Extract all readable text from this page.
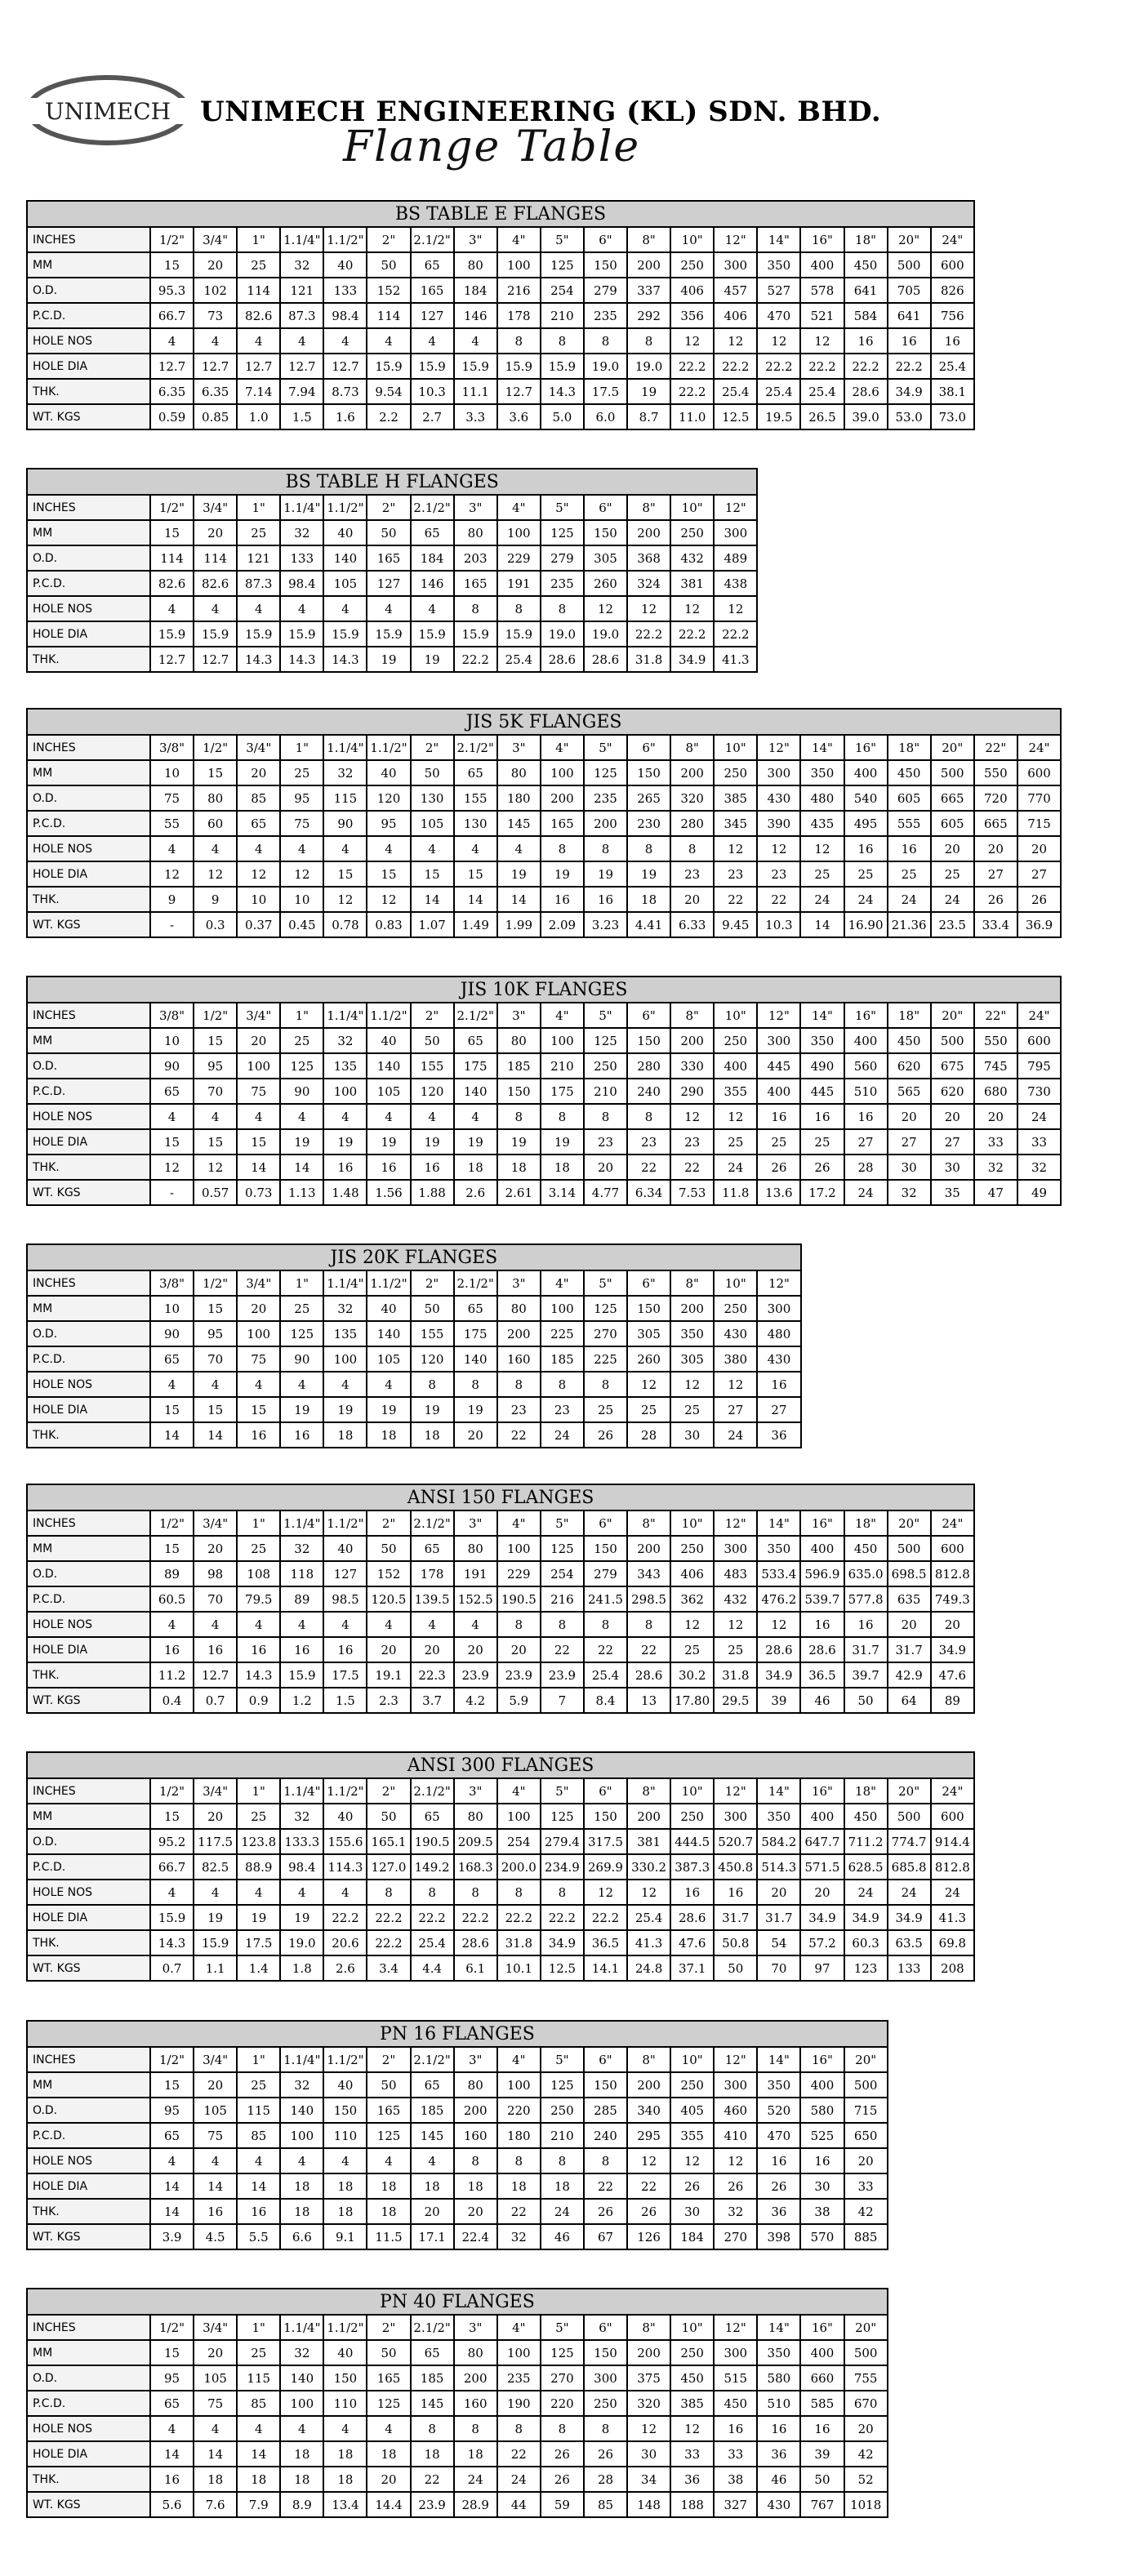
UNIMECH UNIMECH ENGINEERING (KL) SDN. BHD.
Flange Table
BS TABLE E FLANGES																			
INCHES	1/2"	3/4"	1"	1.1/4"	1.1/2"	2"	2.1/2"	3"	4"	5"	6"	8"	10"	12"	14"	16"	18"	20"	24"
MM	15	20	25	32	40	50	65	80	100	125	150	200	250	300	350	400	450	500	600
O.D.	95.3	102	114	121	133	152	165	184	216	254	279	337	406	457	527	578	641	705	826
P.C.D.	66.7	73	82.6	87.3	98.4	114	127	146	178	210	235	292	356	406	470	521	584	641	756
HOLE NOS	4	4	4	4	4	4	4	4	8	8	8	8	12	12	12	12	16	16	16
HOLE DIA	12.7	12.7	12.7	12.7	12.7	15.9	15.9	15.9	15.9	15.9	19.0	19.0	22.2	22.2	22.2	22.2	22.2	22.2	25.4
THK.	6.35	6.35	7.14	7.94	8.73	9.54	10.3	11.1	12.7	14.3	17.5	19	22.2	25.4	25.4	25.4	28.6	34.9	38.1
WT. KGS	0.59	0.85	1.0	1.5	1.6	2.2	2.7	3.3	3.6	5.0	6.0	8.7	11.0	12.5	19.5	26.5	39.0	53.0	73.0
BS TABLE H FLANGES														
INCHES	1/2"	3/4"	1"	1.1/4"	1.1/2"	2"	2.1/2"	3"	4"	5"	6"	8"	10"	12"
MM	15	20	25	32	40	50	65	80	100	125	150	200	250	300
O.D.	114	114	121	133	140	165	184	203	229	279	305	368	432	489
P.C.D.	82.6	82.6	87.3	98.4	105	127	146	165	191	235	260	324	381	438
HOLE NOS	4	4	4	4	4	4	4	8	8	8	12	12	12	12
HOLE DIA	15.9	15.9	15.9	15.9	15.9	15.9	15.9	15.9	15.9	19.0	19.0	22.2	22.2	22.2
THK.	12.7	12.7	14.3	14.3	14.3	19	19	22.2	25.4	28.6	28.6	31.8	34.9	41.3
JIS 5K FLANGES																					
INCHES	3/8"	1/2"	3/4"	1"	1.1/4"	1.1/2"	2"	2.1/2"	3"	4"	5"	6"	8"	10"	12"	14"	16"	18"	20"	22"	24"
MM	10	15	20	25	32	40	50	65	80	100	125	150	200	250	300	350	400	450	500	550	600
O.D.	75	80	85	95	115	120	130	155	180	200	235	265	320	385	430	480	540	605	665	720	770
P.C.D.	55	60	65	75	90	95	105	130	145	165	200	230	280	345	390	435	495	555	605	665	715
HOLE NOS	4	4	4	4	4	4	4	4	4	8	8	8	8	12	12	12	16	16	20	20	20
HOLE DIA	12	12	12	12	15	15	15	15	19	19	19	19	23	23	23	25	25	25	25	27	27
THK.	9	9	10	10	12	12	14	14	14	16	16	18	20	22	22	24	24	24	24	26	26
WT. KGS	-	0.3	0.37	0.45	0.78	0.83	1.07	1.49	1.99	2.09	3.23	4.41	6.33	9.45	10.3	14	16.90	21.36	23.5	33.4	36.9
JIS 10K FLANGES																					
INCHES	3/8"	1/2"	3/4"	1"	1.1/4"	1.1/2"	2"	2.1/2"	3"	4"	5"	6"	8"	10"	12"	14"	16"	18"	20"	22"	24"
MM	10	15	20	25	32	40	50	65	80	100	125	150	200	250	300	350	400	450	500	550	600
O.D.	90	95	100	125	135	140	155	175	185	210	250	280	330	400	445	490	560	620	675	745	795
P.C.D.	65	70	75	90	100	105	120	140	150	175	210	240	290	355	400	445	510	565	620	680	730
HOLE NOS	4	4	4	4	4	4	4	4	8	8	8	8	12	12	16	16	16	20	20	20	24
HOLE DIA	15	15	15	19	19	19	19	19	19	19	23	23	23	25	25	25	27	27	27	33	33
THK.	12	12	14	14	16	16	16	18	18	18	20	22	22	24	26	26	28	30	30	32	32
WT. KGS	-	0.57	0.73	1.13	1.48	1.56	1.88	2.6	2.61	3.14	4.77	6.34	7.53	11.8	13.6	17.2	24	32	35	47	49
JIS 20K FLANGES															
INCHES	3/8"	1/2"	3/4"	1"	1.1/4"	1.1/2"	2"	2.1/2"	3"	4"	5"	6"	8"	10"	12"
MM	10	15	20	25	32	40	50	65	80	100	125	150	200	250	300
O.D.	90	95	100	125	135	140	155	175	200	225	270	305	350	430	480
P.C.D.	65	70	75	90	100	105	120	140	160	185	225	260	305	380	430
HOLE NOS	4	4	4	4	4	4	8	8	8	8	8	12	12	12	16
HOLE DIA	15	15	15	19	19	19	19	19	23	23	25	25	25	27	27
THK.	14	14	16	16	18	18	18	20	22	24	26	28	30	24	36
ANSI 150 FLANGES																			
INCHES	1/2"	3/4"	1"	1.1/4"	1.1/2"	2"	2.1/2"	3"	4"	5"	6"	8"	10"	12"	14"	16"	18"	20"	24"
MM	15	20	25	32	40	50	65	80	100	125	150	200	250	300	350	400	450	500	600
O.D.	89	98	108	118	127	152	178	191	229	254	279	343	406	483	533.4	596.9	635.0	698.5	812.8
P.C.D.	60.5	70	79.5	89	98.5	120.5	139.5	152.5	190.5	216	241.5	298.5	362	432	476.2	539.7	577.8	635	749.3
HOLE NOS	4	4	4	4	4	4	4	4	8	8	8	8	12	12	12	16	16	20	20
HOLE DIA	16	16	16	16	16	20	20	20	20	22	22	22	25	25	28.6	28.6	31.7	31.7	34.9
THK.	11.2	12.7	14.3	15.9	17.5	19.1	22.3	23.9	23.9	23.9	25.4	28.6	30.2	31.8	34.9	36.5	39.7	42.9	47.6
WT. KGS	0.4	0.7	0.9	1.2	1.5	2.3	3.7	4.2	5.9	7	8.4	13	17.80	29.5	39	46	50	64	89
ANSI 300 FLANGES																			
INCHES	1/2"	3/4"	1"	1.1/4"	1.1/2"	2"	2.1/2"	3"	4"	5"	6"	8"	10"	12"	14"	16"	18"	20"	24"
MM	15	20	25	32	40	50	65	80	100	125	150	200	250	300	350	400	450	500	600
O.D.	95.2	117.5	123.8	133.3	155.6	165.1	190.5	209.5	254	279.4	317.5	381	444.5	520.7	584.2	647.7	711.2	774.7	914.4
P.C.D.	66.7	82.5	88.9	98.4	114.3	127.0	149.2	168.3	200.0	234.9	269.9	330.2	387.3	450.8	514.3	571.5	628.5	685.8	812.8
HOLE NOS	4	4	4	4	4	8	8	8	8	8	12	12	16	16	20	20	24	24	24
HOLE DIA	15.9	19	19	19	22.2	22.2	22.2	22.2	22.2	22.2	22.2	25.4	28.6	31.7	31.7	34.9	34.9	34.9	41.3
THK.	14.3	15.9	17.5	19.0	20.6	22.2	25.4	28.6	31.8	34.9	36.5	41.3	47.6	50.8	54	57.2	60.3	63.5	69.8
WT. KGS	0.7	1.1	1.4	1.8	2.6	3.4	4.4	6.1	10.1	12.5	14.1	24.8	37.1	50	70	97	123	133	208
PN 16 FLANGES																	
INCHES	1/2"	3/4"	1"	1.1/4"	1.1/2"	2"	2.1/2"	3"	4"	5"	6"	8"	10"	12"	14"	16"	20"
MM	15	20	25	32	40	50	65	80	100	125	150	200	250	300	350	400	500
O.D.	95	105	115	140	150	165	185	200	220	250	285	340	405	460	520	580	715
P.C.D.	65	75	85	100	110	125	145	160	180	210	240	295	355	410	470	525	650
HOLE NOS	4	4	4	4	4	4	4	8	8	8	8	12	12	12	16	16	20
HOLE DIA	14	14	14	18	18	18	18	18	18	18	22	22	26	26	26	30	33
THK.	14	16	16	18	18	18	20	20	22	24	26	26	30	32	36	38	42
WT. KGS	3.9	4.5	5.5	6.6	9.1	11.5	17.1	22.4	32	46	67	126	184	270	398	570	885
PN 40 FLANGES																	
INCHES	1/2"	3/4"	1"	1.1/4"	1.1/2"	2"	2.1/2"	3"	4"	5"	6"	8"	10"	12"	14"	16"	20"
MM	15	20	25	32	40	50	65	80	100	125	150	200	250	300	350	400	500
O.D.	95	105	115	140	150	165	185	200	235	270	300	375	450	515	580	660	755
P.C.D.	65	75	85	100	110	125	145	160	190	220	250	320	385	450	510	585	670
HOLE NOS	4	4	4	4	4	4	8	8	8	8	8	12	12	16	16	16	20
HOLE DIA	14	14	14	18	18	18	18	18	22	26	26	30	33	33	36	39	42
THK.	16	18	18	18	18	20	22	24	24	26	28	34	36	38	46	50	52
WT. KGS	5.6	7.6	7.9	8.9	13.4	14.4	23.9	28.9	44	59	85	148	188	327	430	767	1018
